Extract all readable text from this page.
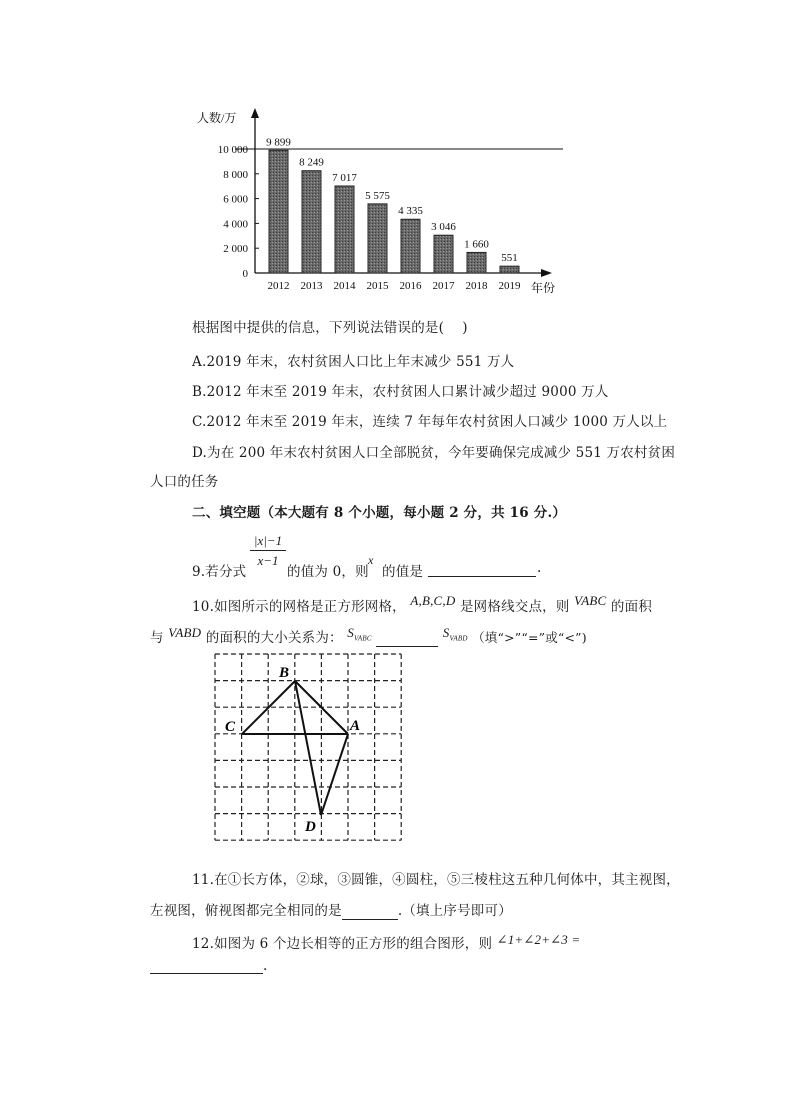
0
2 000
4 000
6 000
8 000
10 000
人数/万
9 899
2012
8 249
2013
7 017
2014
5 575
2015
4 335
2016
3 046
2017
1 660
2018
551
2019 年份
根据图中提供的信息，下列说法错误的是(　 )
A.2019 年末，农村贫困人口比上年末减少 551 万人
B.2012 年末至 2019 年末，农村贫困人口累计减少超过 9000 万人
C.2012 年末至 2019 年末，连续 7 年每年农村贫困人口减少 1000 万人以上
D.为在 200 年末农村贫困人口全部脱贫，今年要确保完成减少 551 万农村贫困
人口的任务
二、填空题（本大题有 8 个小题，每小题 2 分，共 16 分.）
9.若分式
$\frac{|x|-1}{x-1}$
的值为 0，则
x
的值是	.
10.如图所示的网格是正方形网格， A,B,C,D 是网格线交点，则 VABC 的面积
与 VABD 的面积的大小关系为： $S_{VABC}$	$S_{VABD}$ （填“>”“=”或“<”)
B
C	A
D
11.在①长方体，②球，③圆锥，④圆柱，⑤三棱柱这五种几何体中，其主视图，
左视图，俯视图都完全相同的是	.（填上序号即可）
12.如图为 6 个边长相等的正方形的组合图形，则 ∠1+∠2+∠3 =
.
